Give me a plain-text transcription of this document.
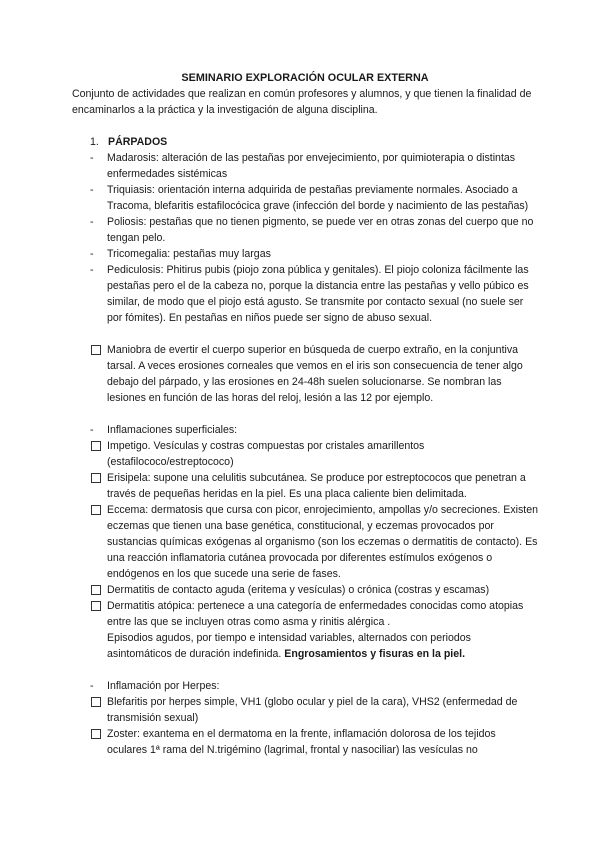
SEMINARIO EXPLORACIÓN OCULAR EXTERNA

Conjunto de actividades que realizan en común profesores y alumnos, y que tienen la finalidad de encaminarlos a la práctica y la investigación de alguna disciplina.

1. PÁRPADOS
- Madarosis: alteración de las pestañas por envejecimiento, por quimioterapia o distintas enfermedades sistémicas
- Triquiasis: orientación interna adquirida de pestañas previamente normales. Asociado a Tracoma, blefaritis estafilocócica grave (infección del borde y nacimiento de las pestañas)
- Poliosis: pestañas que no tienen pigmento, se puede ver en otras zonas del cuerpo que no tengan pelo.
- Tricomegalia: pestañas muy largas
- Pediculosis: Phitirus pubis (piojo zona pública y genitales). El piojo coloniza fácilmente las pestañas pero el de la cabeza no, porque la distancia entre las pestañas y vello púbico es similar, de modo que el piojo está agusto. Se transmite por contacto sexual (no suele ser por fómites). En pestañas en niños puede ser signo de abuso sexual.
Maniobra de evertir el cuerpo superior en búsqueda de cuerpo extraño, en la conjuntiva tarsal. A veces erosiones corneales que vemos en el iris son consecuencia de tener algo debajo del párpado, y las erosiones en 24-48h suelen solucionarse. Se nombran las lesiones en función de las horas del reloj, lesión a las 12 por ejemplo.
- Inflamaciones superficiales:
Impetigo. Vesículas y costras compuestas por cristales amarillentos (estafilococo/estreptococo)
Erisipela: supone una celulitis subcutánea. Se produce por estreptococos que penetran a través de pequeñas heridas en la piel. Es una placa caliente bien delimitada.
Eccema: dermatosis que cursa con picor, enrojecimiento, ampollas y/o secreciones. Existen eczemas que tienen una base genética, constitucional, y eczemas provocados por sustancias químicas exógenas al organismo (son los eczemas o dermatitis de contacto). Es una reacción inflamatoria cutánea provocada por diferentes estímulos exógenos o endógenos en los que sucede una serie de fases.
Dermatitis de contacto aguda (eritema y vesículas) o crónica (costras y escamas)
Dermatitis atópica: pertenece a una categoría de enfermedades conocidas como atopias entre las que se incluyen otras como asma y rinitis alérgica .
Episodios agudos, por tiempo e intensidad variables, alternados con periodos asintomáticos de duración indefinida. Engrosamientos y fisuras en la piel.
- Inflamación por Herpes:
Blefaritis por herpes simple, VH1 (globo ocular y piel de la cara), VHS2 (enfermedad de transmisión sexual)
Zoster: exantema en el dermatoma en la frente, inflamación dolorosa de los tejidos oculares 1ª rama del N.trigémino (lagrimal, frontal y nasociliar) las vesículas no
